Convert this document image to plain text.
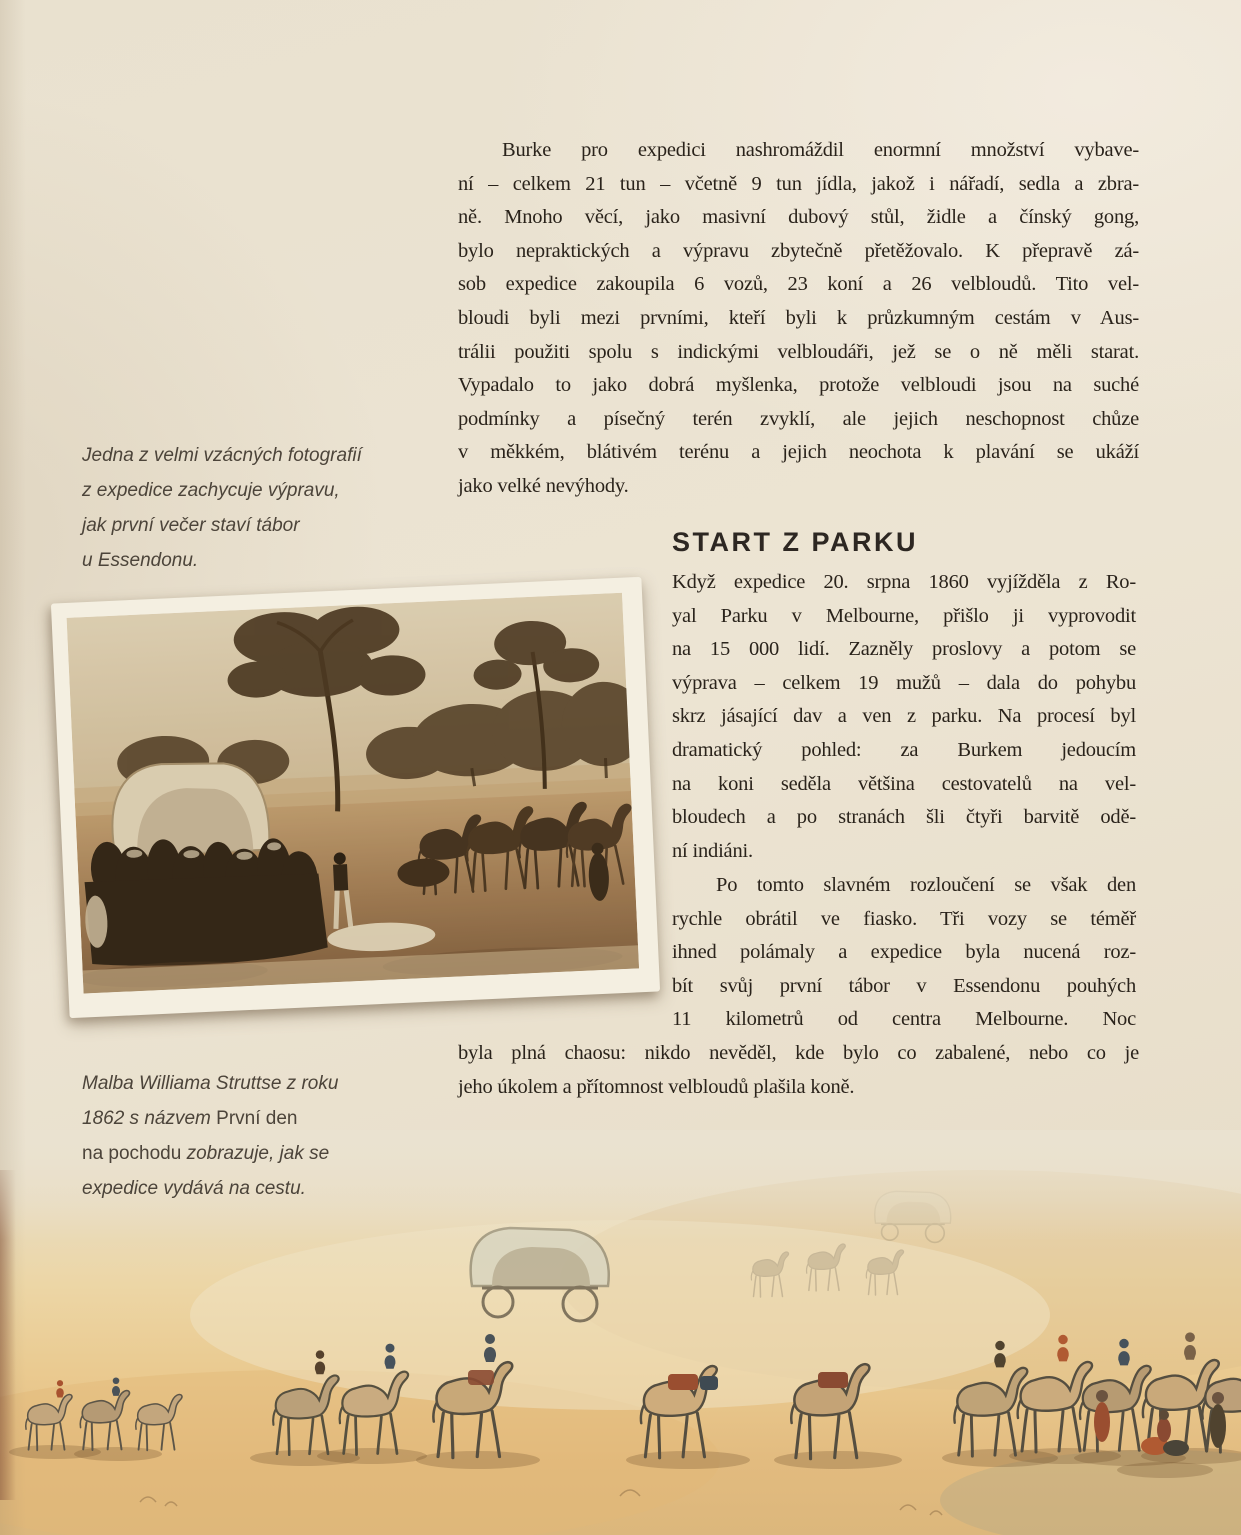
Jedna z velmi vzácných fotografií
z expedice zachycuje výpravu,
jak první večer staví tábor
u Essendonu.
Malba Williama Struttse z roku
1862 s názvem První den
na pochodu zobrazuje, jak se
expedice vydává na cestu.
Burke pro expedici nashromáždil enormní množství vybave-
ní – celkem 21 tun – včetně 9 tun jídla, jakož i nářadí, sedla a zbra-
ně. Mnoho věcí, jako masivní dubový stůl, židle a čínský gong,
bylo nepraktických a výpravu zbytečně přetěžovalo. K přepravě zá-
sob expedice zakoupila 6 vozů, 23 koní a 26 velbloudů. Tito vel-
bloudi byli mezi prvními, kteří byli k průzkumným cestám v Aus-
trálii použiti spolu s indickými velbloudáři, jež se o ně měli starat.
Vypadalo to jako dobrá myšlenka, protože velbloudi jsou na suché
podmínky a písečný terén zvyklí, ale jejich neschopnost chůze
v měkkém, blátivém terénu a jejich neochota k plavání se ukáží
jako velké nevýhody.
START Z PARKU
Když expedice 20. srpna 1860 vyjížděla z Ro-
yal Parku v Melbourne, přišlo ji vyprovodit
na 15 000 lidí. Zazněly proslovy a potom se
výprava – celkem 19 mužů – dala do pohybu
skrz jásající dav a ven z parku. Na procesí byl
dramatický pohled: za Burkem jedoucím
na koni seděla většina cestovatelů na vel-
bloudech a po stranách šli čtyři barvitě odě-
ní indiáni.
Po tomto slavném rozloučení se však den
rychle obrátil ve fiasko. Tři vozy se téměř
ihned polámaly a expedice byla nucená roz-
bít svůj první tábor v Essendonu pouhých
11 kilometrů od centra Melbourne. Noc
byla plná chaosu: nikdo nevěděl, kde bylo co zabalené, nebo co je
jeho úkolem a přítomnost velbloudů plašila koně.
